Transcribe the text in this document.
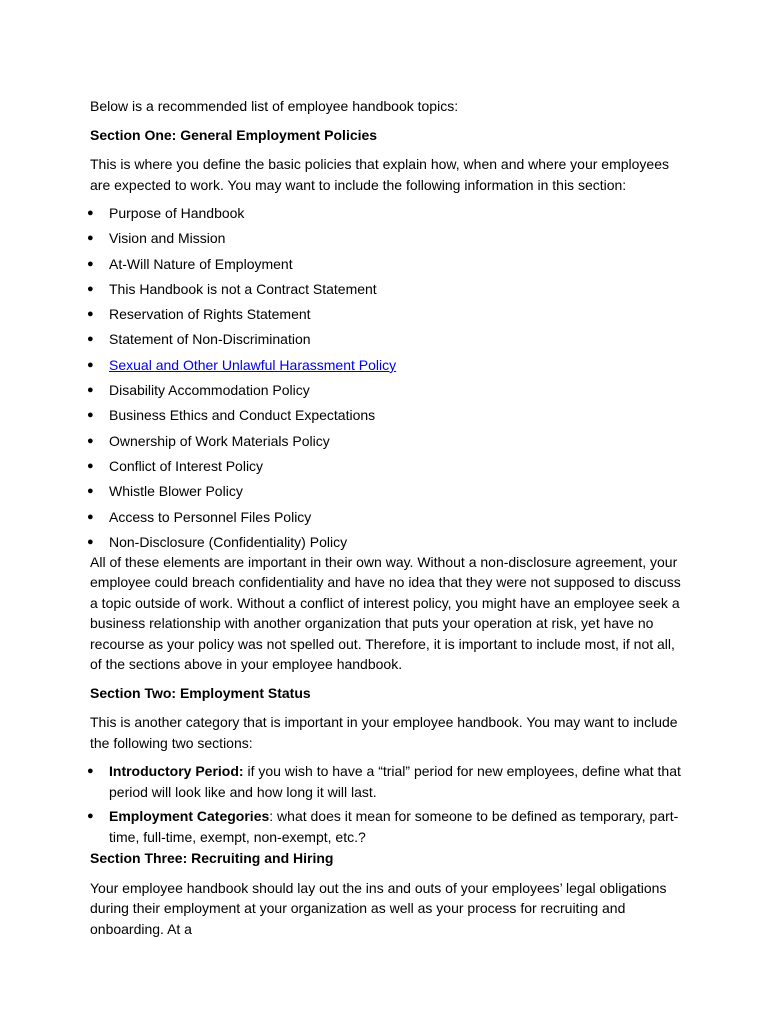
Below is a recommended list of employee handbook topics:

Section One: General Employment Policies

This is where you define the basic policies that explain how, when and where your employees are expected to work. You may want to include the following information in this section:

● Purpose of Handbook
● Vision and Mission
● At-Will Nature of Employment
● This Handbook is not a Contract Statement
● Reservation of Rights Statement
● Statement of Non-Discrimination
● Sexual and Other Unlawful Harassment Policy
● Disability Accommodation Policy
● Business Ethics and Conduct Expectations
● Ownership of Work Materials Policy
● Conflict of Interest Policy
● Whistle Blower Policy
● Access to Personnel Files Policy
● Non-Disclosure (Confidentiality) Policy

All of these elements are important in their own way. Without a non-disclosure agreement, your employee could breach confidentiality and have no idea that they were not supposed to discuss a topic outside of work. Without a conflict of interest policy, you might have an employee seek a business relationship with another organization that puts your operation at risk, yet have no recourse as your policy was not spelled out. Therefore, it is important to include most, if not all, of the sections above in your employee handbook.

Section Two: Employment Status

This is another category that is important in your employee handbook. You may want to include the following two sections:

● Introductory Period: if you wish to have a “trial” period for new employees, define what that period will look like and how long it will last.
● Employment Categories: what does it mean for someone to be defined as temporary, part-time, full-time, exempt, non-exempt, etc.?

Section Three: Recruiting and Hiring

Your employee handbook should lay out the ins and outs of your employees’ legal obligations during their employment at your organization as well as your process for recruiting and onboarding. At a
